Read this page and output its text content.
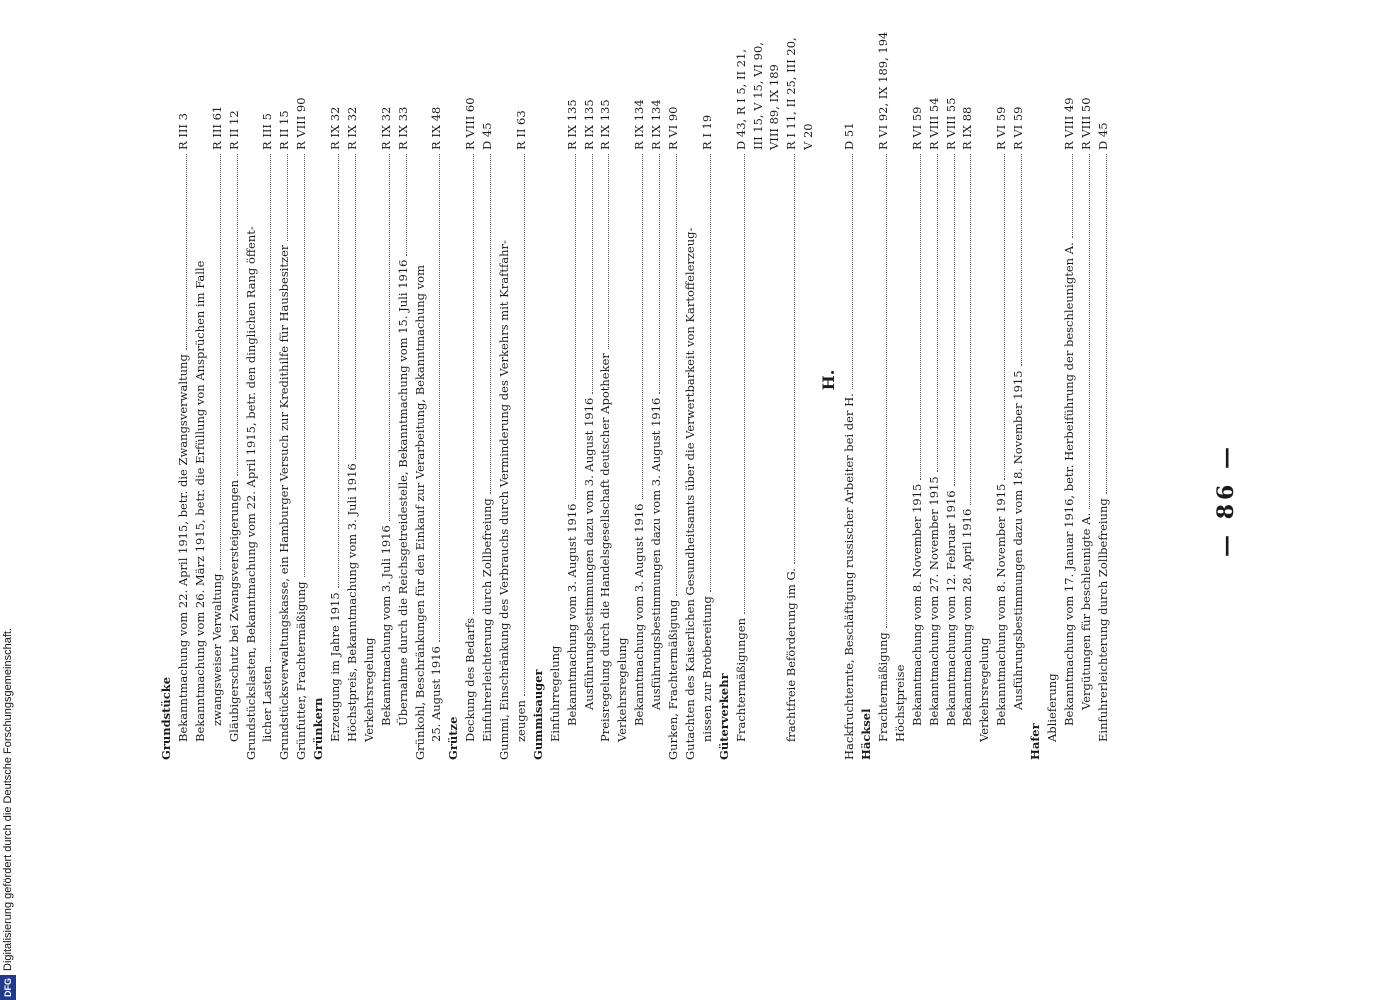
— 86 —
Grundstücke Bekanntmachung vom 22. April 1915, betr. die Zwangsverwaltung
R III 3
Bekanntmachung vom 26. März 1915, betr. die Erfüllung von Ansprüchen im Falle zwangsweiser Verwaltung
R III 61
Gläubigerschutz bei Zwangsversteigerungen
R II 12
Grundstückslasten, Bekanntmachung vom 22. April 1915, betr. den dinglichen Rang öffent- licher Lasten
R III 5
Grundstücksverwaltungskasse, ein Hamburger Versuch zur Kredithilfe für Hausbesitzer
R II 15
Grünfutter, Frachtermäßigung
R VIII 90
Grünkern Erzeugung im Jahre 1915
R IX 32
Höchstpreis, Bekanntmachung vom 3. Juli 1916
R IX 32
Verkehrsregelung Bekanntmachung vom 3. Juli 1916
R IX 32
Übernahme durch die Reichsgetreidestelle, Bekanntmachung vom 15. Juli 1916
R IX 33
Grünkohl, Beschränkungen für den Einkauf zur Verarbeitung, Bekanntmachung vom 25. August 1916
R IX 48
Grütze Deckung des Bedarfs
R VIII 60
Einfuhrerleichterung durch Zollbefreiung
D 45
Gummi, Einschränkung des Verbrauchs durch Verminderung des Verkehrs mit Kraftfahr- zeugen
R II 63
Gummisauger Einfuhrregelung Bekanntmachung vom 3. August 1916
R IX 135
Ausführungsbestimmungen dazu vom 3. August 1916
R IX 135
Preisregelung durch die Handelsgesellschaft deutscher Apotheker
R IX 135
Verkehrsregelung Bekanntmachung vom 3. August 1916
R IX 134
Ausführungsbestimmungen dazu vom 3. August 1916
R IX 134
Gurken, Frachtermäßigung
R VI 90
Gutachten des Kaiserlichen Gesundheitsamts über die Verwertbarkeit von Kartoffelerzeug- nissen zur Brotbereitung
R I 19
Güterverkehr Frachtermäßigungen
D 43, R I 5, II 21, III 15, V 15, VI 90, VIII 89, IX 189
frachtfreie Beförderung im G.
R I 11, II 25, III 20, V 20
H.
Hackfruchternte, Beschäftigung russischer Arbeiter bei der H.
D 51
Häcksel Frachtermäßigung
R VI 92, IX 189, 194
Höchstpreise Bekanntmachung vom 8. November 1915
R VI 59
Bekanntmachung vom 27. November 1915
R VIII 54
Bekanntmachung vom 12. Februar 1916
R VIII 55
Bekanntmachung vom 28. April 1916
R IX 88
Verkehrsregelung Bekanntmachung vom 8. November 1915
R VI 59
Ausführungsbestimmungen dazu vom 18. November 1915
R VI 59
Hafer Ablieferung Bekanntmachung vom 17. Januar 1916, betr. Herbeiführung der beschleunigten A.
R VIII 49
Vergütungen für beschleunigte A.
R VIII 50
Einfuhrerleichterung durch Zollbefreiung
D 45
DFGDigitalisierung gefördert durch die Deutsche Forschungsgemeinschaft.
